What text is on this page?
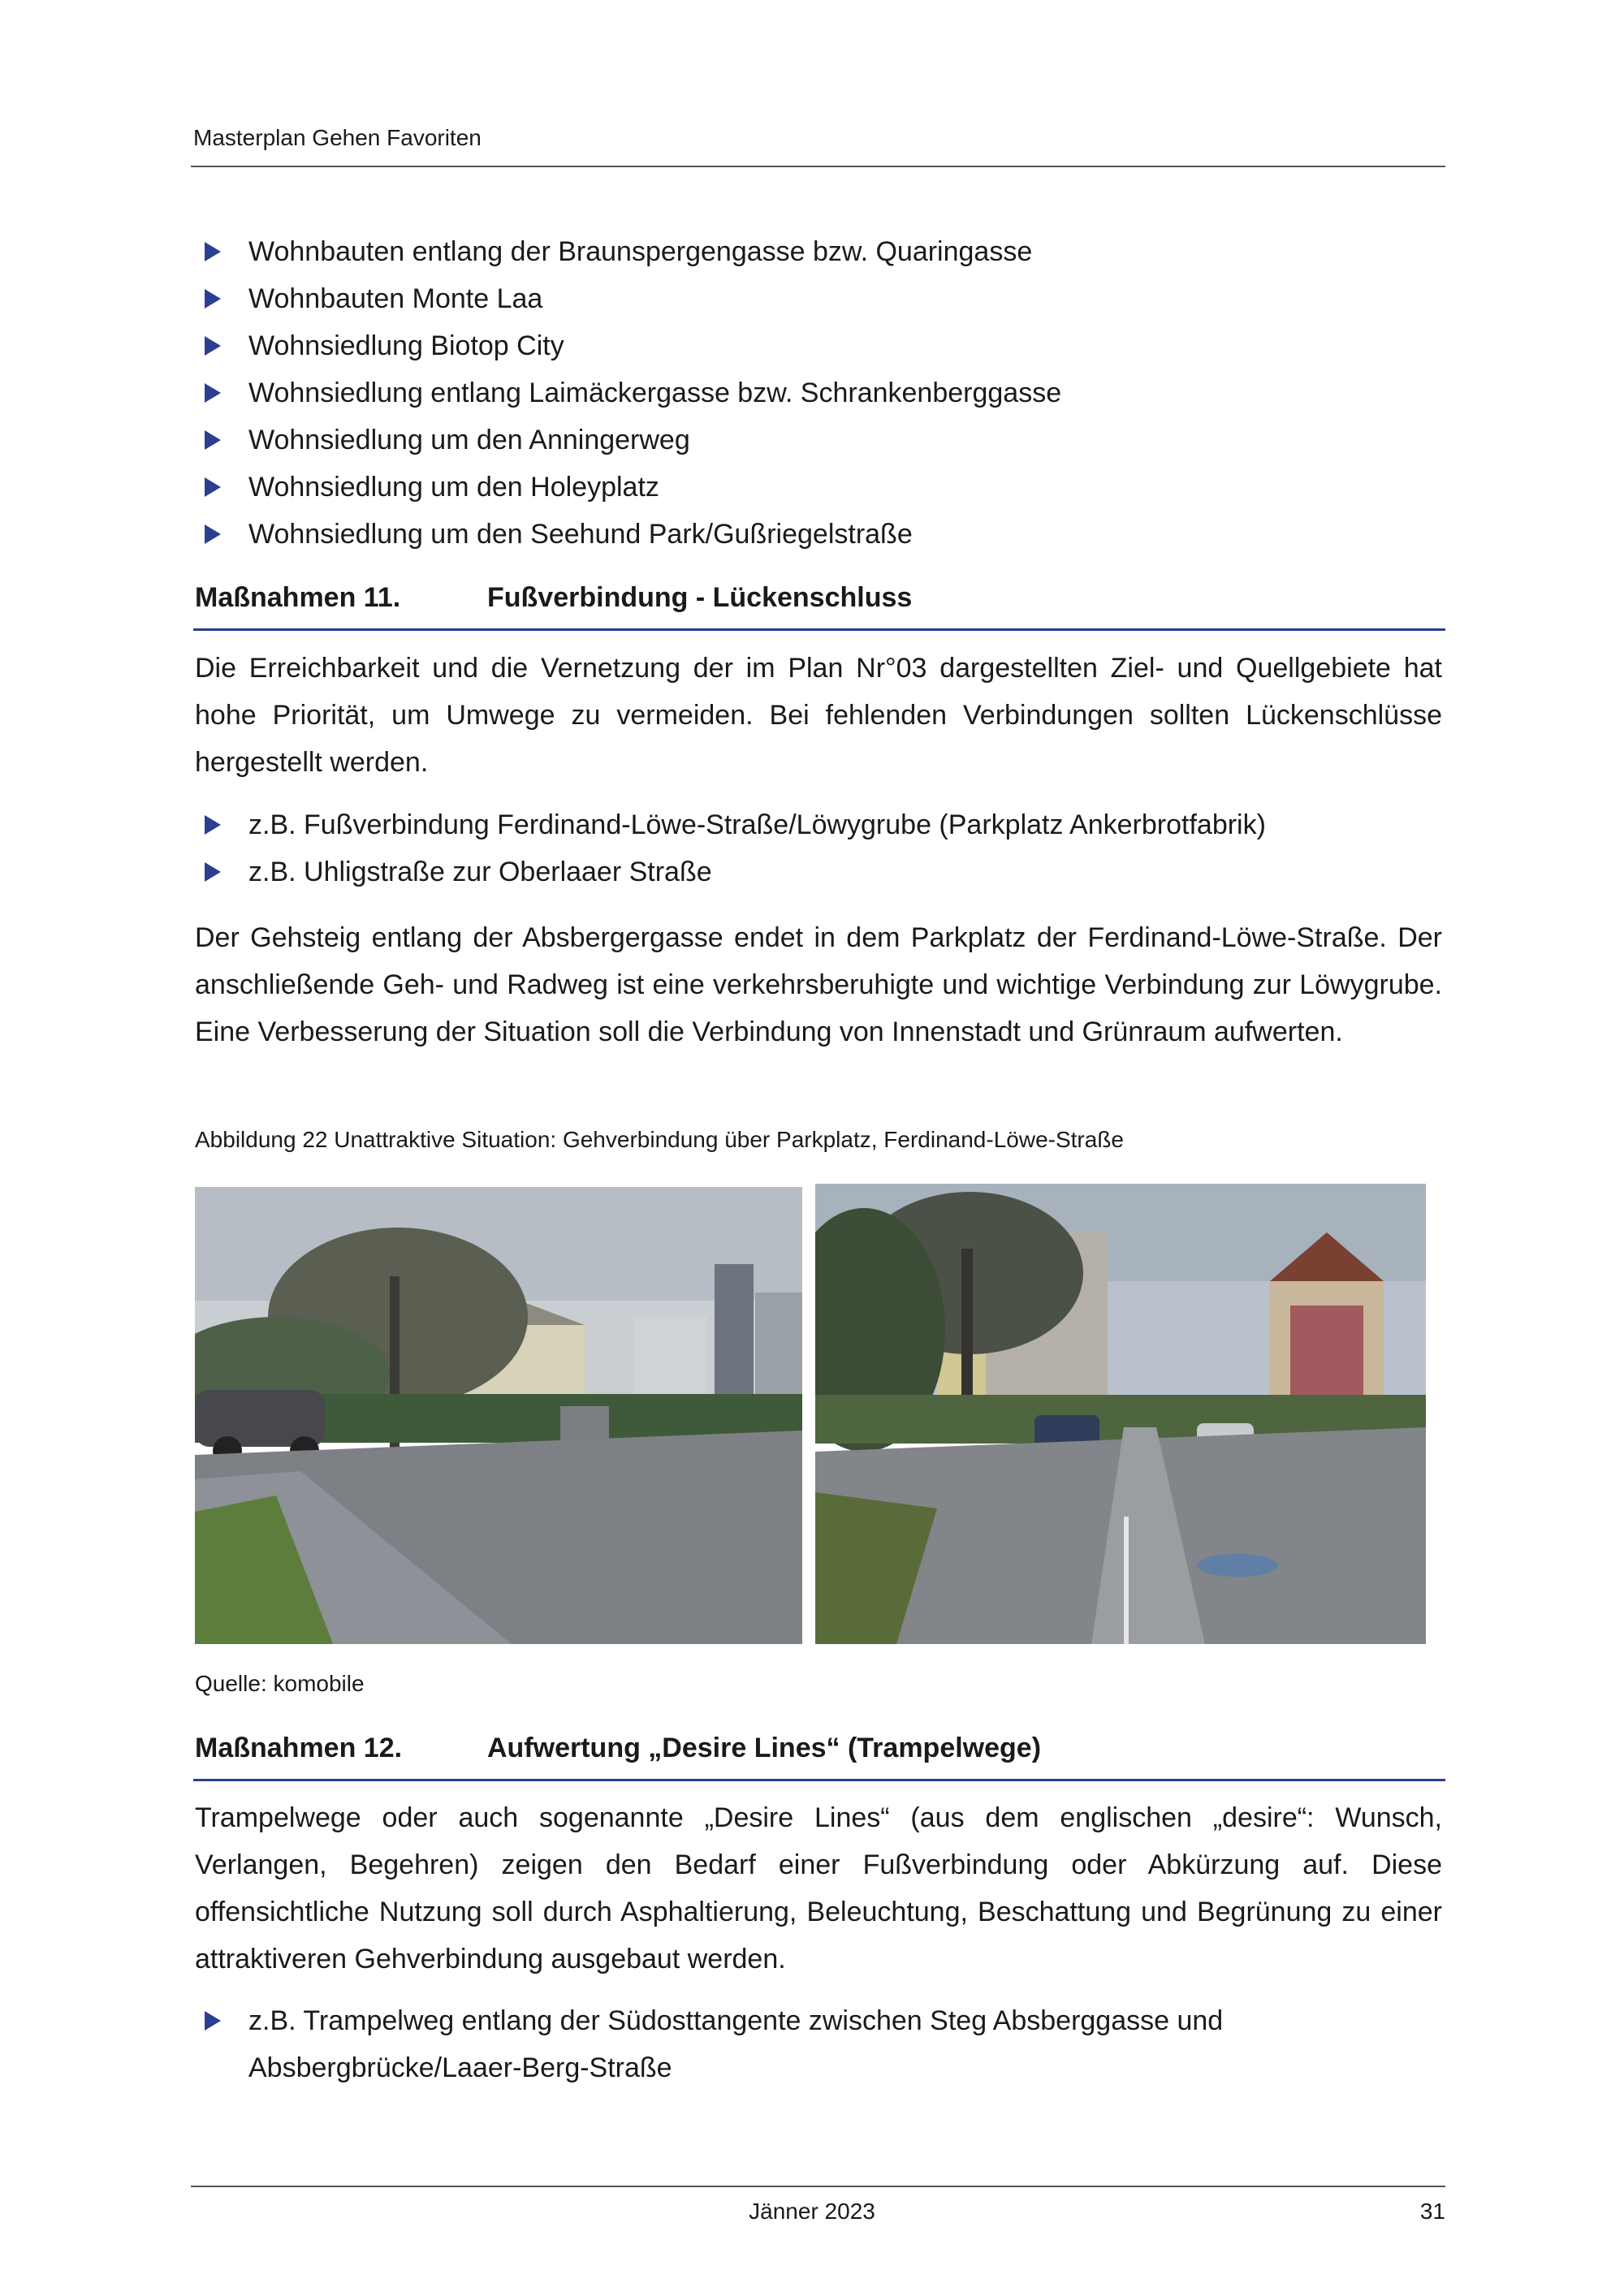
Masterplan Gehen Favoriten
Wohnbauten entlang der Braunspergengasse bzw. Quaringasse
Wohnbauten Monte Laa
Wohnsiedlung Biotop City
Wohnsiedlung entlang Laimäckergasse bzw. Schrankenberggasse
Wohnsiedlung um den Anningerweg
Wohnsiedlung um den Holeyplatz
Wohnsiedlung um den Seehund Park/Gußriegelstraße
Maßnahmen 11.	Fußverbindung - Lückenschluss

Die Erreichbarkeit und die Vernetzung der im Plan Nr°03 dargestellten Ziel- und Quellgebiete hat hohe Priorität, um Umwege zu vermeiden. Bei fehlenden Verbindungen sollten Lückenschlüsse hergestellt werden.

z.B. Fußverbindung Ferdinand-Löwe-Straße/Löwygrube (Parkplatz Ankerbrotfabrik)
z.B. Uhligstraße zur Oberlaaer Straße

Der Gehsteig entlang der Absbergergasse endet in dem Parkplatz der Ferdinand-Löwe-Straße. Der anschließende Geh- und Radweg ist eine verkehrsberuhigte und wichtige Verbindung zur Löwygrube. Eine Verbesserung der Situation soll die Verbindung von Innenstadt und Grünraum aufwerten.

Abbildung 22 Unattraktive Situation: Gehverbindung über Parkplatz, Ferdinand-Löwe-Straße
Quelle: komobile
Maßnahmen 12.	Aufwertung „Desire Lines“ (Trampelwege)

Trampelwege oder auch sogenannte „Desire Lines“ (aus dem englischen „desire“: Wunsch, Verlangen, Begehren) zeigen den Bedarf einer Fußverbindung oder Abkürzung auf. Diese offensichtliche Nutzung soll durch Asphaltierung, Beleuchtung, Beschattung und Begrünung zu einer attraktiveren Gehverbindung ausgebaut werden.

z.B. Trampelweg entlang der Südosttangente zwischen Steg Absberggasse und Absbergbrücke/Laaer-Berg-Straße
Jänner 2023	31
